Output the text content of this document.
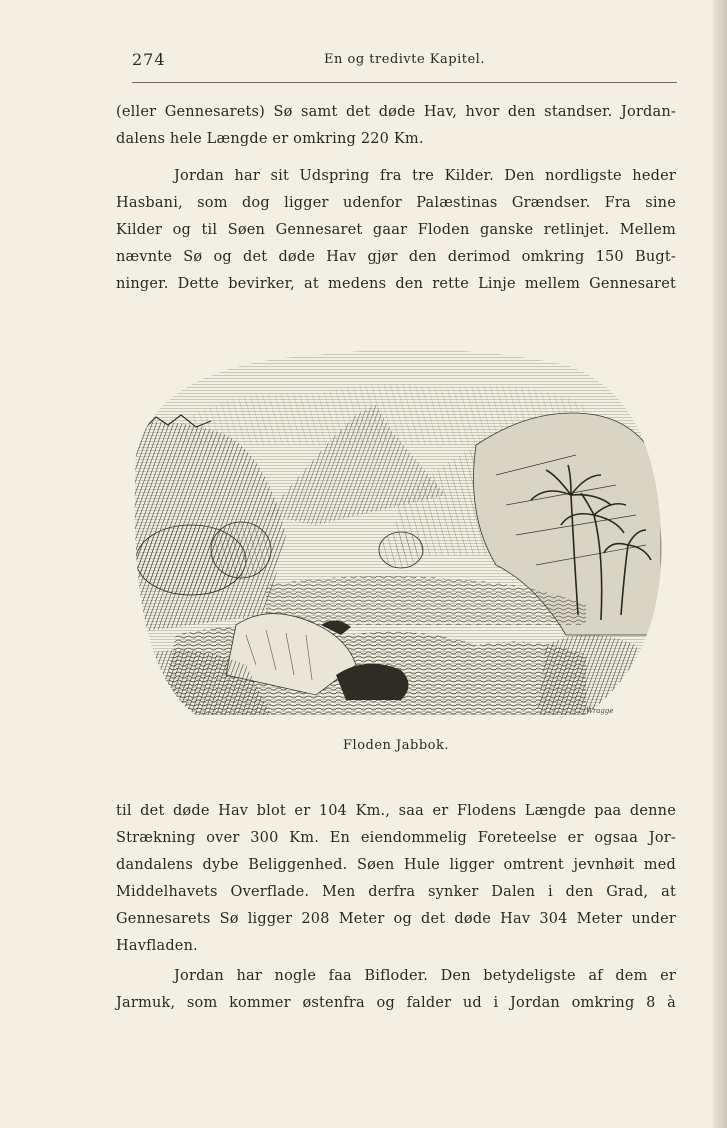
274	En og tredivte Kapitel.
(eller Gennesarets) Sø samt det døde Hav, hvor den standser. Jordan-
dalens hele Længde er omkring 220 Km.
Jordan har sit Udspring fra tre Kilder. Den nordligste heder
Hasbani, som dog ligger udenfor Palæstinas Grændser. Fra sine
Kilder og til Søen Gennesaret gaar Floden ganske retlinjet. Mellem
nævnte Sø og det døde Hav gjør den derimod omkring 150 Bugt-
ninger. Dette bevirker, at medens den rette Linje mellem Gennesaret
Wragge
Floden Jabbok.
til det døde Hav blot er 104 Km., saa er Flodens Længde paa denne
Strækning over 300 Km. En eiendommelig Foreteelse er ogsaa Jor-
dandalens dybe Beliggenhed. Søen Hule ligger omtrent jevnhøit med
Middelhavets Overflade. Men derfra synker Dalen i den Grad, at
Gennesarets Sø ligger 208 Meter og det døde Hav 304 Meter under
Havfladen.
Jordan har nogle faa Bifloder. Den betydeligste af dem er
Jarmuk, som kommer østenfra og falder ud i Jordan omkring 8 à
